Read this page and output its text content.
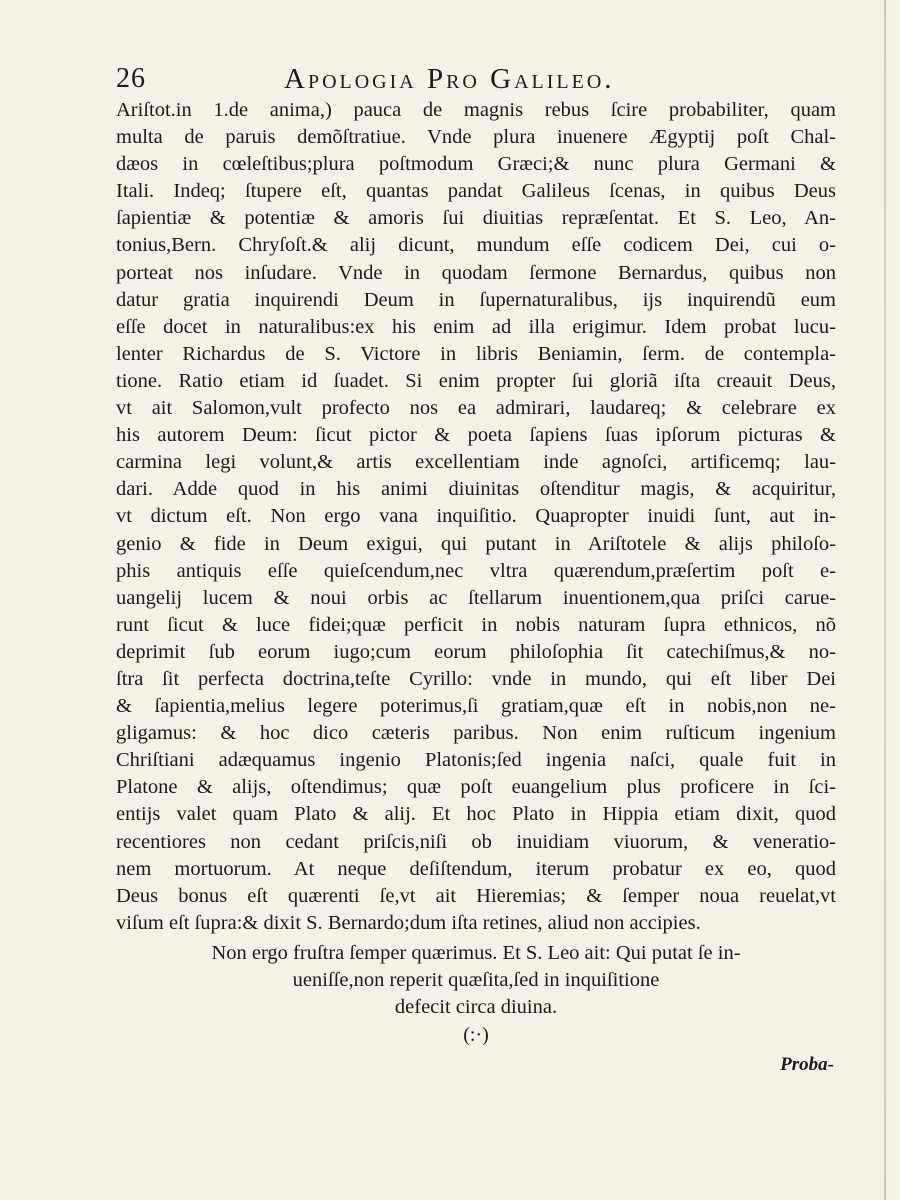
26	Apologia Pro Galileo.
Ariſtot.in 1.de anima,) pauca de magnis rebus ſcire probabiliter, quam
multa de paruis demõſtratiue. Vnde plura inuenere Ægyptij poſt Chal-
dæos in cœleſtibus;plura poſtmodum Græci;& nunc plura Germani &
Itali. Indeq; ſtupere eſt, quantas pandat Galileus ſcenas, in quibus Deus
ſapientiæ & potentiæ & amoris ſui diuitias repræſentat. Et S. Leo, An-
tonius,Bern. Chryſoſt.& alij dicunt, mundum eſſe codicem Dei, cui o-
porteat nos inſudare. Vnde in quodam ſermone Bernardus, quibus non
datur gratia inquirendi Deum in ſupernaturalibus, ijs inquirendũ eum
eſſe docet in naturalibus:ex his enim ad illa erigimur. Idem probat lucu-
lenter Richardus de S. Victore in libris Beniamin, ſerm. de contempla-
tione. Ratio etiam id ſuadet. Si enim propter ſui gloriã iſta creauit Deus,
vt ait Salomon,vult profecto nos ea admirari, laudareq; & celebrare ex
his autorem Deum: ſicut pictor & poeta ſapiens ſuas ipſorum picturas &
carmina legi volunt,& artis excellentiam inde agnoſci, artificemq; lau-
dari. Adde quod in his animi diuinitas oſtenditur magis, & acquiritur,
vt dictum eſt. Non ergo vana inquiſitio. Quapropter inuidi ſunt, aut in-
genio & fide in Deum exigui, qui putant in Ariſtotele & alijs philoſo-
phis antiquis eſſe quieſcendum,nec vltra quærendum,præſertim poſt e-
uangelij lucem & noui orbis ac ſtellarum inuentionem,qua priſci carue-
runt ſicut & luce fidei;quæ perficit in nobis naturam ſupra ethnicos, nõ
deprimit ſub eorum iugo;cum eorum philoſophia ſit catechiſmus,& no-
ſtra ſit perfecta doctrina,teſte Cyrillo: vnde in mundo, qui eſt liber Dei
& ſapientia,melius legere poterimus,ſi gratiam,quæ eſt in nobis,non ne-
gligamus: & hoc dico cæteris paribus. Non enim ruſticum ingenium
Chriſtiani adæquamus ingenio Platonis;ſed ingenia naſci, quale fuit in
Platone & alijs, oſtendimus; quæ poſt euangelium plus proficere in ſci-
entijs valet quam Plato & alij. Et hoc Plato in Hippia etiam dixit, quod
recentiores non cedant priſcis,niſi ob inuidiam viuorum, & veneratio-
nem mortuorum. At neque deſiſtendum, iterum probatur ex eo, quod
Deus bonus eſt quærenti ſe,vt ait Hieremias; & ſemper noua reuelat,vt
viſum eſt ſupra:& dixit S. Bernardo;dum iſta retines, aliud non accipies.
Non ergo fruſtra ſemper quærimus. Et S. Leo ait: Qui putat ſe in-
ueniſſe,non reperit quæſita,ſed in inquiſitione
defecit circa diuina.
(:·)
Proba-
